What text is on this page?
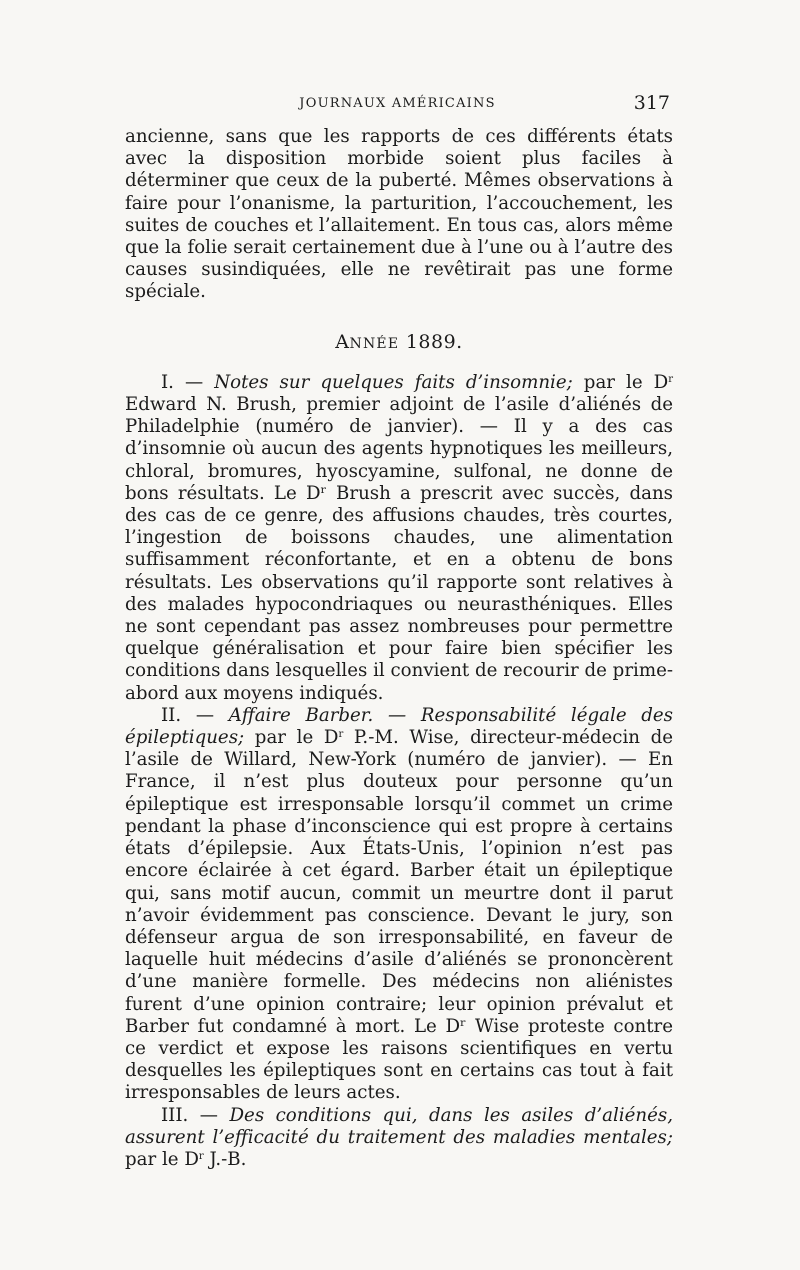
JOURNAUX AMÉRICAINS	317

ancienne, sans que les rapports de ces différents états avec la disposition morbide soient plus faciles à déterminer que ceux de la puberté. Mêmes observations à faire pour l’onanisme, la parturition, l’accouchement, les suites de couches et l’allaitement. En tous cas, alors même que la folie serait certainement due à l’une ou à l’autre des causes susindiquées, elle ne revêtirait pas une forme spéciale.

ANNÉE 1889.

I. — Notes sur quelques faits d’insomnie; par le $D^r$ Edward N. Brush, premier adjoint de l’asile d’aliénés de Philadelphie (numéro de janvier). — Il y a des cas d’insomnie où aucun des agents hypnotiques les meilleurs, chloral, bromures, hyoscyamine, sulfonal, ne donne de bons résultats. Le Dʳ Brush a prescrit avec succès, dans des cas de ce genre, des affusions chaudes, très courtes, l’ingestion de boissons chaudes, une alimentation suffisamment réconfortante, et en a obtenu de bons résultats. Les observations qu’il rapporte sont relatives à des malades hypocondriaques ou neurasthéniques. Elles ne sont cependant pas assez nombreuses pour permettre quelque généralisation et pour faire bien spécifier les conditions dans lesquelles il convient de recourir de prime-abord aux moyens indiqués.

II. — Affaire Barber. — Responsabilité légale des épileptiques; par le $D^r$ P.-M. Wise, directeur-médecin de l’asile de Willard, New-York (numéro de janvier). — En France, il n’est plus douteux pour personne qu’un épileptique est irresponsable lorsqu’il commet un crime pendant la phase d’inconscience qui est propre à certains états d’épilepsie. Aux États-Unis, l’opinion n’est pas encore éclairée à cet égard. Barber était un épileptique qui, sans motif aucun, commit un meurtre dont il parut n’avoir évidemment pas conscience. Devant le jury, son défenseur argua de son irresponsabilité, en faveur de laquelle huit médecins d’asile d’aliénés se prononcèrent d’une manière formelle. Des médecins non aliénistes furent d’une opinion contraire; leur opinion prévalut et Barber fut condamné à mort. Le Dʳ Wise proteste contre ce verdict et expose les raisons scientifiques en vertu desquelles les épileptiques sont en certains cas tout à fait irresponsables de leurs actes.

III. — Des conditions qui, dans les asiles d’aliénés, assurent l’efficacité du traitement des maladies mentales; par le $D^r$ J.-B.
